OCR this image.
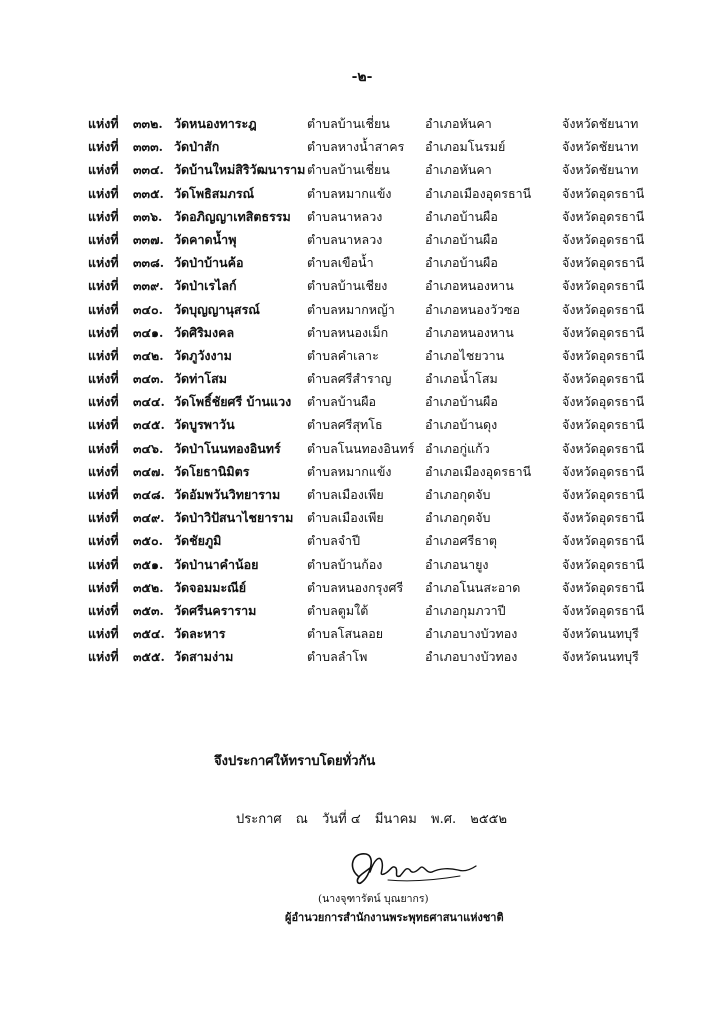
-๒-
แห่งที่ ๓๓๒. วัดหนองทาระฎ	ตำบลบ้านเชี่ยน	อำเภอหันคา	จังหวัดชัยนาท
แห่งที่ ๓๓๓. วัดป่าสัก	ตำบลหางน้ำสาคร อำเภอมโนรมย์	จังหวัดชัยนาท
แห่งที่ ๓๓๔. วัดบ้านใหม่สิริวัฒนาราม ตำบลบ้านเชี่ยน	อำเภอหันคา	จังหวัดชัยนาท
แห่งที่ ๓๓๕. วัดโพธิสมภรณ์	ตำบลหมากแข้ง	อำเภอเมืองอุดรธานี จังหวัดอุดรธานี
แห่งที่ ๓๓๖. วัดอภิญญาเทสิตธรรม ตำบลนาหลวง	อำเภอบ้านผือ	จังหวัดอุดรธานี
แห่งที่ ๓๓๗. วัดคาดน้ำพุ	ตำบลนาหลวง	อำเภอบ้านผือ	จังหวัดอุดรธานี
แห่งที่ ๓๓๘. วัดป่าบ้านค้อ	ตำบลเขือน้ำ	อำเภอบ้านผือ	จังหวัดอุดรธานี
แห่งที่ ๓๓๙. วัดป่าเรไลก์	ตำบลบ้านเชียง	อำเภอหนองหาน	จังหวัดอุดรธานี
แห่งที่ ๓๔๐. วัดบุญญานุสรณ์	ตำบลหมากหญ้า อำเภอหนองวัวซอ	จังหวัดอุดรธานี
แห่งที่ ๓๔๑. วัดศิริมงคล	ตำบลหนองเม็ก	อำเภอหนองหาน	จังหวัดอุดรธานี
แห่งที่ ๓๔๒. วัดภูวังงาม	ตำบลคำเลาะ	อำเภอไชยวาน	จังหวัดอุดรธานี
แห่งที่ ๓๔๓. วัดท่าโสม	ตำบลศรีสำราญ	อำเภอน้ำโสม	จังหวัดอุดรธานี
แห่งที่ ๓๔๔. วัดโพธิ์ชัยศรี บ้านแวง ตำบลบ้านผือ	อำเภอบ้านผือ	จังหวัดอุดรธานี
แห่งที่ ๓๔๕. วัดบูรพาวัน	ตำบลศรีสุทโธ	อำเภอบ้านดุง	จังหวัดอุดรธานี
แห่งที่ ๓๔๖. วัดป่าโนนทองอินทร์ ตำบลโนนทองอินทร์ อำเภอกู่แก้ว	จังหวัดอุดรธานี
แห่งที่ ๓๔๗. วัดโยธานิมิตร	ตำบลหมากแข้ง	อำเภอเมืองอุดรธานี จังหวัดอุดรธานี
แห่งที่ ๓๔๘. วัดอัมพวันวิทยาราม ตำบลเมืองเพีย	อำเภอกุดจับ	จังหวัดอุดรธานี
แห่งที่ ๓๔๙. วัดป่าวิปัสนาไชยาราม ตำบลเมืองเพีย	อำเภอกุดจับ	จังหวัดอุดรธานี
แห่งที่ ๓๕๐. วัดชัยภูมิ	ตำบลจำปี	อำเภอศรีธาตุ	จังหวัดอุดรธานี
แห่งที่ ๓๕๑. วัดป่านาคำน้อย	ตำบลบ้านก้อง	อำเภอนายูง	จังหวัดอุดรธานี
แห่งที่ ๓๕๒. วัดจอมมะณีย์	ตำบลหนองกรุงศรี อำเภอโนนสะอาด	จังหวัดอุดรธานี
แห่งที่ ๓๕๓. วัดศรีนคราราม	ตำบลตูมใต้	อำเภอกุมภวาปี	จังหวัดอุดรธานี
แห่งที่ ๓๕๔. วัดละหาร	ตำบลโสนลอย	อำเภอบางบัวทอง	จังหวัดนนทบุรี
แห่งที่ ๓๕๕. วัดสามง่าม	ตำบลลำโพ	อำเภอบางบัวทอง	จังหวัดนนทบุรี
จึงประกาศให้ทราบโดยทั่วกัน
ประกาศ ณ วันที่ ๔ มีนาคม พ.ศ. ๒๕๕๒
(นางจุฑารัตน์ บุณยากร)
ผู้อำนวยการสำนักงานพระพุทธศาสนาแห่งชาติ
